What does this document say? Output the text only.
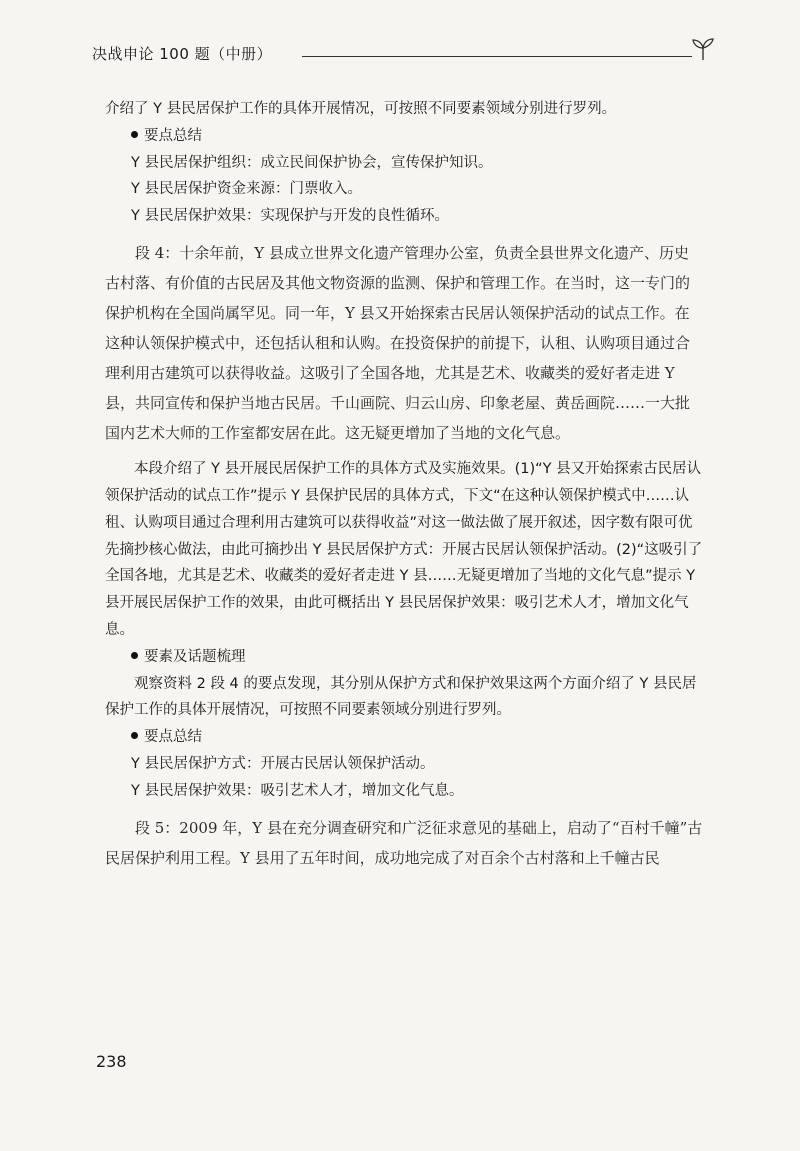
决战申论 100 题（中册）

介绍了 Y 县民居保护工作的具体开展情况，可按照不同要素领域分别进行罗列。

要点总结

Y 县民居保护组织：成立民间保护协会，宣传保护知识。

Y 县民居保护资金来源：门票收入。

Y 县民居保护效果：实现保护与开发的良性循环。

段 4：十余年前，Y 县成立世界文化遗产管理办公室，负责全县世界文化遗产、历史古村落、有价值的古民居及其他文物资源的监测、保护和管理工作。在当时，这一专门的保护机构在全国尚属罕见。同一年，Y 县又开始探索古民居认领保护活动的试点工作。在这种认领保护模式中，还包括认租和认购。在投资保护的前提下，认租、认购项目通过合理利用古建筑可以获得收益。这吸引了全国各地，尤其是艺术、收藏类的爱好者走进 Y 县，共同宣传和保护当地古民居。千山画院、归云山房、印象老屋、黄岳画院……一大批国内艺术大师的工作室都安居在此。这无疑更增加了当地的文化气息。

本段介绍了 Y 县开展民居保护工作的具体方式及实施效果。(1)“Y 县又开始探索古民居认领保护活动的试点工作”提示 Y 县保护民居的具体方式，下文“在这种认领保护模式中……认租、认购项目通过合理利用古建筑可以获得收益”对这一做法做了展开叙述，因字数有限可优先摘抄核心做法，由此可摘抄出 Y 县民居保护方式：开展古民居认领保护活动。(2)“这吸引了全国各地，尤其是艺术、收藏类的爱好者走进 Y 县……无疑更增加了当地的文化气息”提示 Y 县开展民居保护工作的效果，由此可概括出 Y 县民居保护效果：吸引艺术人才，增加文化气息。

要素及话题梳理

观察资料 2 段 4 的要点发现，其分别从保护方式和保护效果这两个方面介绍了 Y 县民居保护工作的具体开展情况，可按照不同要素领域分别进行罗列。

要点总结

Y 县民居保护方式：开展古民居认领保护活动。

Y 县民居保护效果：吸引艺术人才，增加文化气息。

段 5：2009 年，Y 县在充分调查研究和广泛征求意见的基础上，启动了“百村千幢”古民居保护利用工程。Y 县用了五年时间，成功地完成了对百余个古村落和上千幢古民

238
